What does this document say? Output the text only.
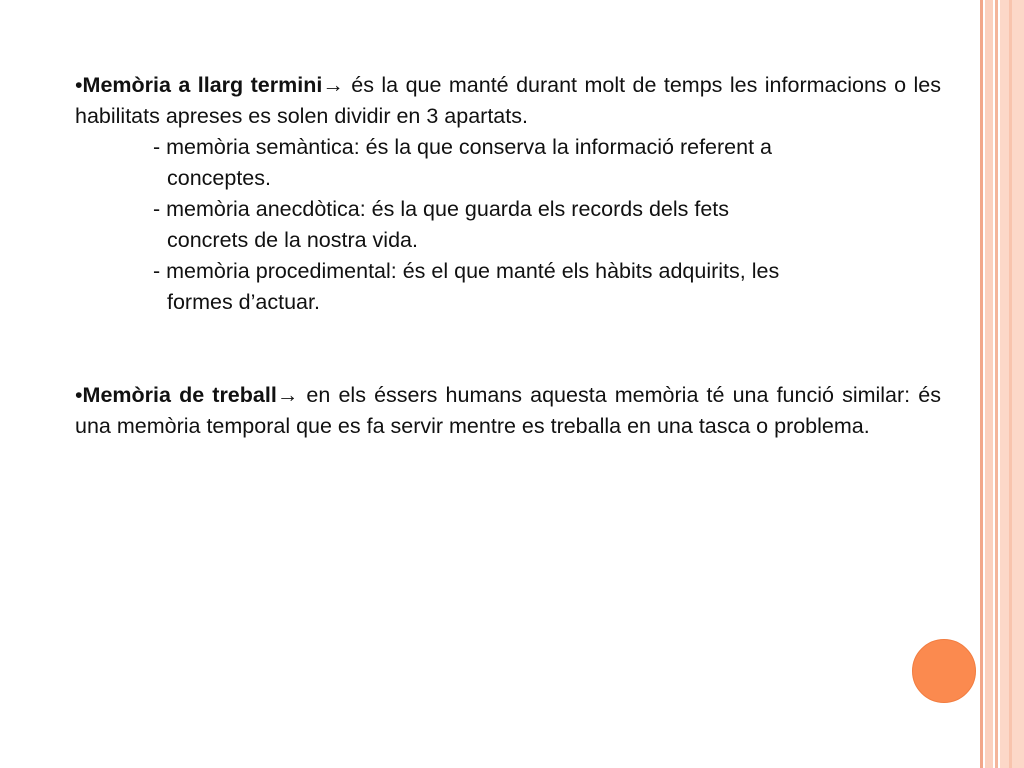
•Memòria a llarg termini→ és la que manté durant molt de temps les informacions o les habilitats apreses es solen dividir en 3 apartats.

- memòria semàntica: és la que conserva la informació referent a
conceptes.
- memòria anecdòtica: és la que guarda els records dels fets
concrets de la nostra vida.
- memòria procedimental: és el que manté els hàbits adquirits, les
formes d’actuar.

•Memòria de treball→ en els éssers humans aquesta memòria té una funció similar: és una memòria temporal que es fa servir mentre es treballa en una tasca o problema.
